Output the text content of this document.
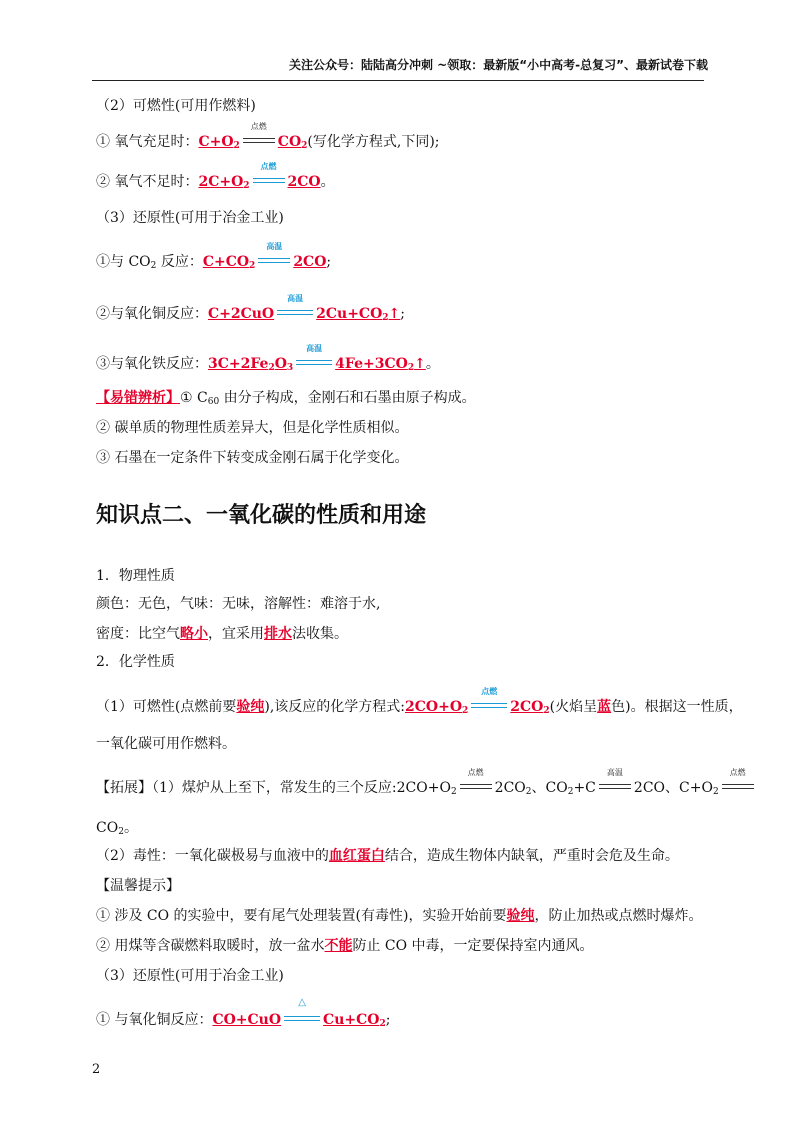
关注公众号：陆陆高分冲刺 ~领取：最新版“小中高考-总复习”、最新试卷下载
（2）可燃性(可用作燃料)
① 氧气充足时：$C+O_2$
点燃
$CO_2$(写化学方程式,下同);
② 氧气不足时：$2C+O_2$
点燃
2CO。
（3）还原性(可用于冶金工业)
①与 $CO_2$ 反应：$C+CO_2$
高温
2CO;
②与氧化铜反应：C+2CuO
高温
$2Cu+CO_2↑$;
③与氧化铁反应：$3C+2Fe_2O_3$
高温
$4Fe+3CO_2↑$。
【易错辨析】① $C_{60}$ 由分子构成，金刚石和石墨由原子构成。
② 碳单质的物理性质差异大，但是化学性质相似。
③ 石墨在一定条件下转变成金刚石属于化学变化。
知识点二、一氧化碳的性质和用途
1．物理性质
颜色：无色，气味：无味，溶解性：难溶于水,
密度：比空气略小，宜采用排水法收集。
2．化学性质
（1）可燃性(点燃前要验纯),该反应的化学方程式$:2CO+O_2$
点燃
$2CO_2$(火焰呈蓝色)。根据这一性质，
一氧化碳可用作燃料。
【拓展】（1）煤炉从上至下，常发生的三个反应$:2CO+O_2$
点燃
$2CO_2$、$CO_2+C$
高温
2CO、$C+O_2$
点燃
$CO_2$。
（2）毒性：一氧化碳极易与血液中的血红蛋白结合，造成生物体内缺氧，严重时会危及生命。
【温馨提示】
① 涉及 CO 的实验中，要有尾气处理装置(有毒性)，实验开始前要验纯，防止加热或点燃时爆炸。
② 用煤等含碳燃料取暖时，放一盆水不能防止 CO 中毒，一定要保持室内通风。
（3）还原性(可用于冶金工业)
① 与氧化铜反应：CO+CuO
△
$Cu+CO_2$;
2
